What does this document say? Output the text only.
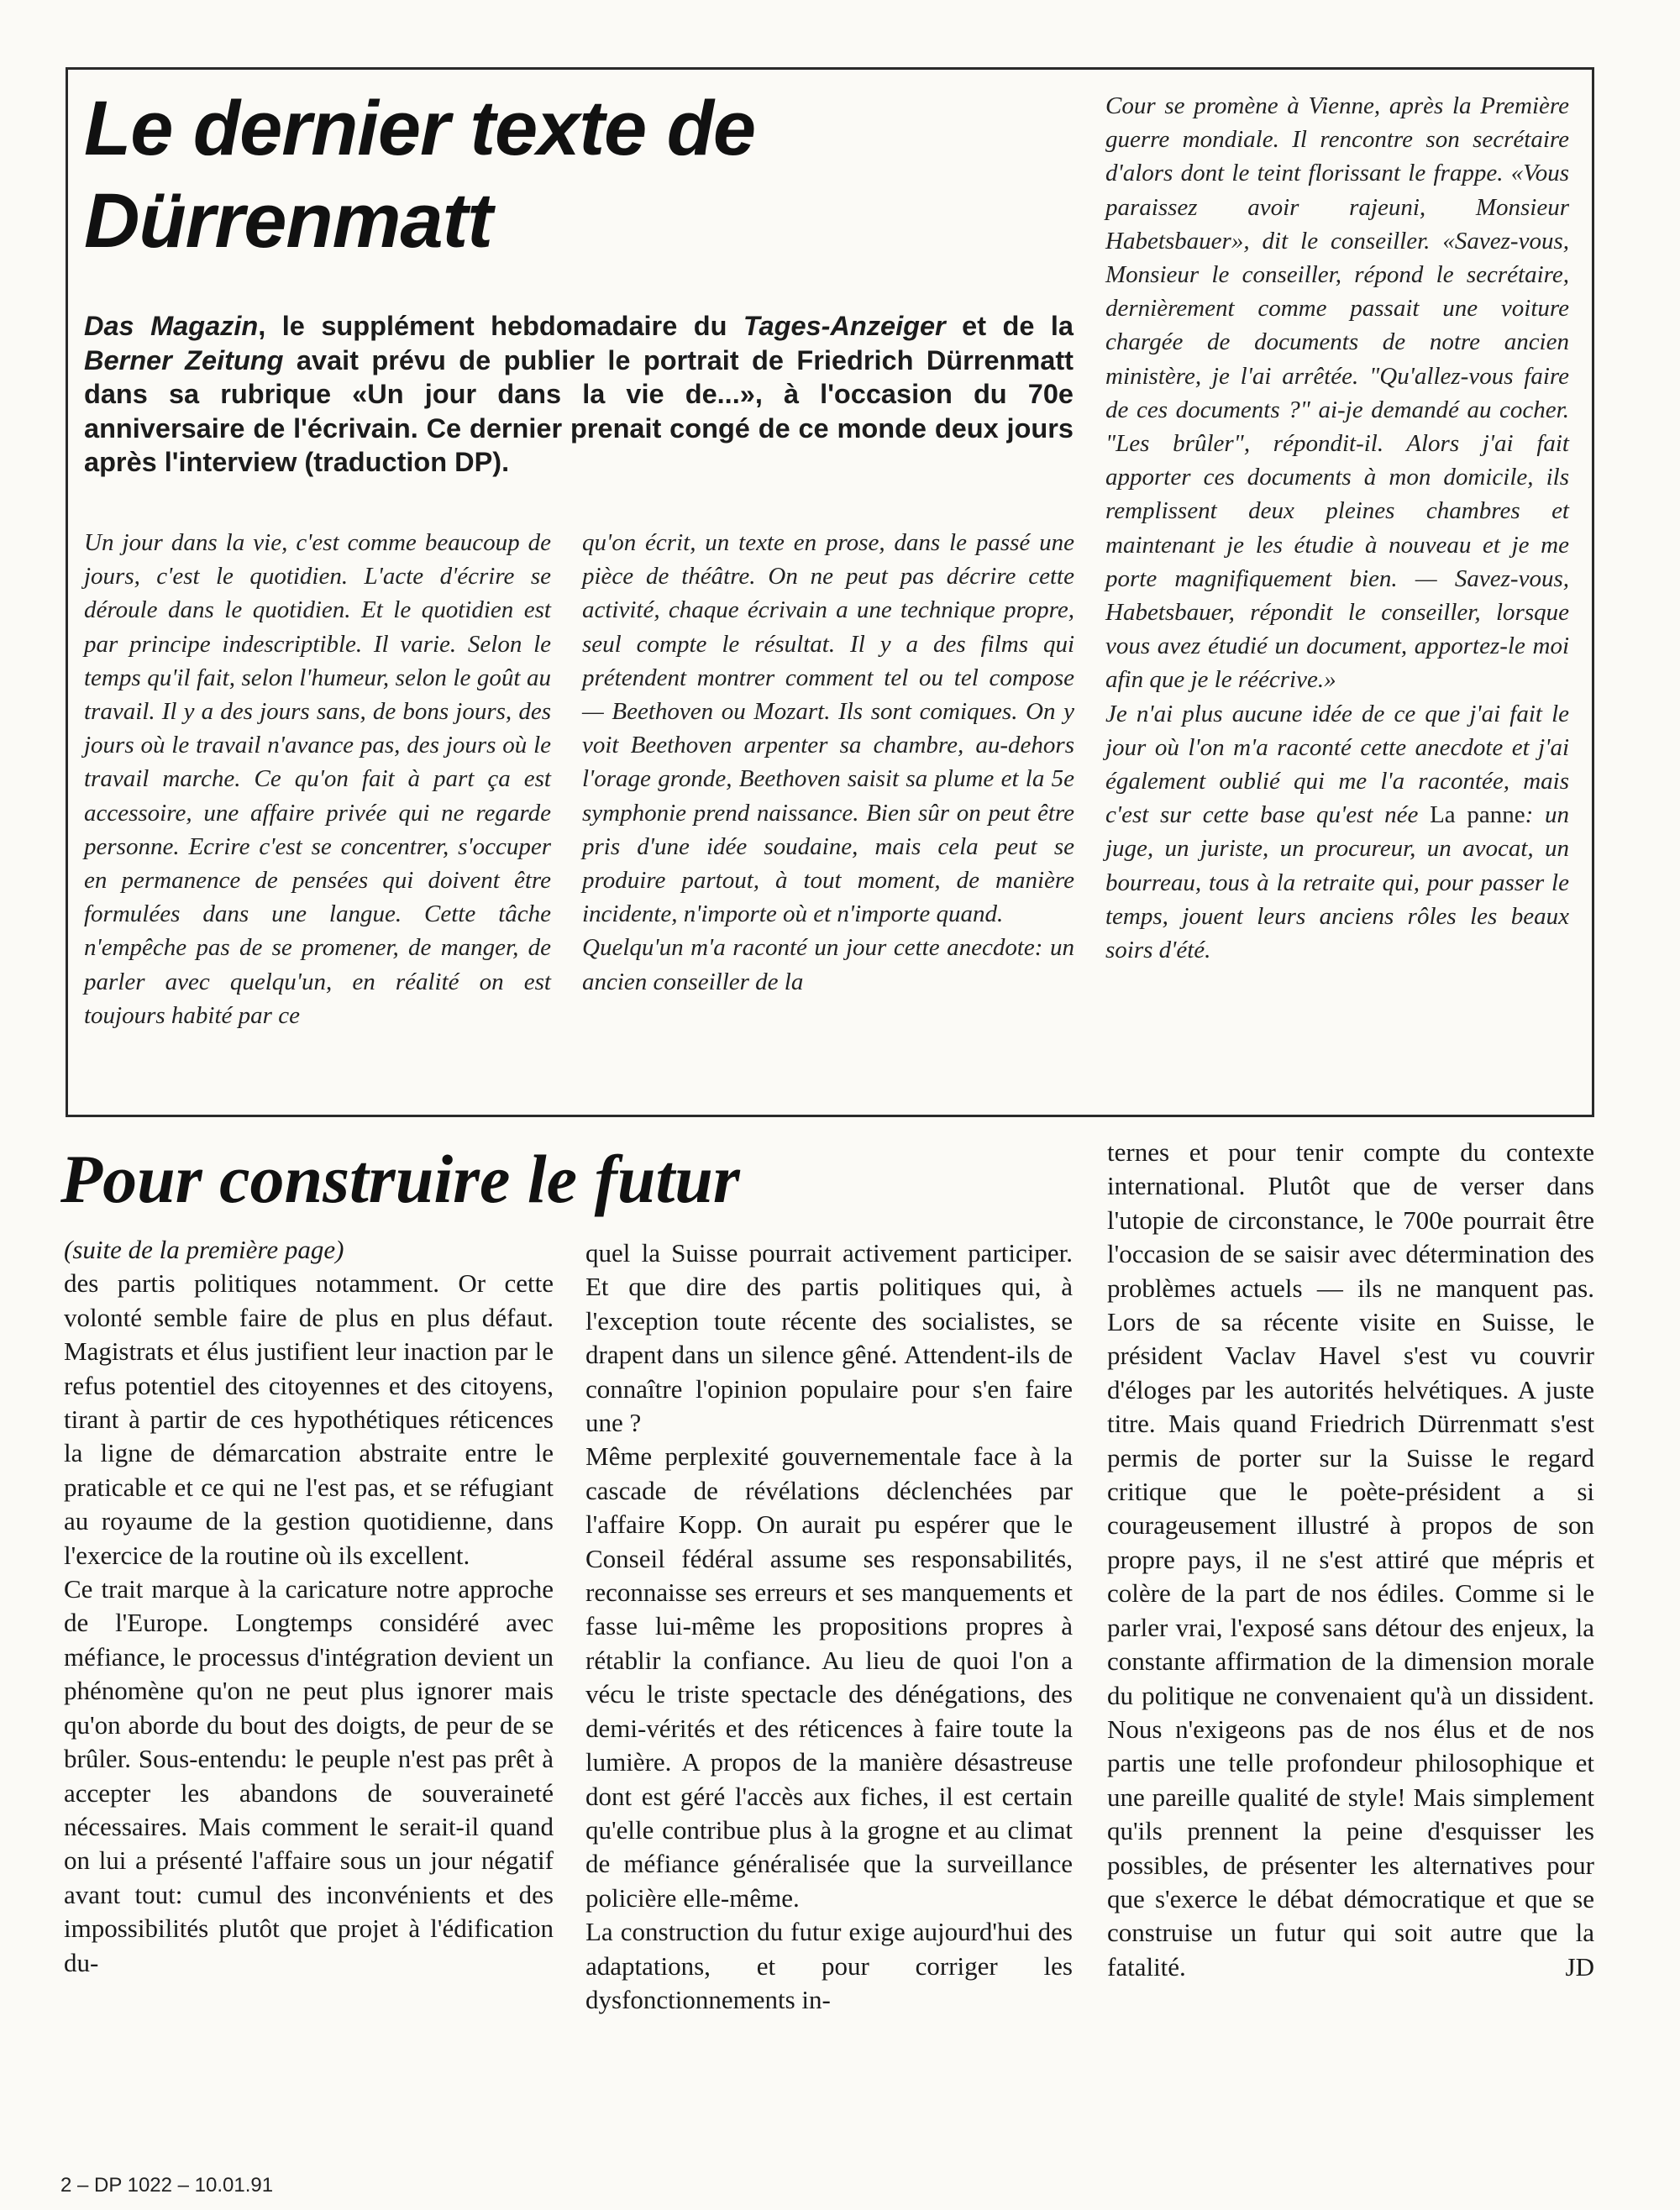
Le dernier texte de
Dürrenmatt

Das Magazin, le supplément hebdomadaire du Tages-Anzeiger et de la Berner Zeitung avait prévu de publier le portrait de Friedrich Dürrenmatt dans sa rubrique «Un jour dans la vie de...», à l'occasion du 70e anniversaire de l'écrivain. Ce dernier prenait congé de ce monde deux jours après l'interview (traduction DP).

Un jour dans la vie, c'est comme beaucoup de jours, c'est le quotidien. L'acte d'écrire se déroule dans le quotidien. Et le quotidien est par principe indescriptible. Il varie. Selon le temps qu'il fait, selon l'humeur, selon le goût au travail. Il y a des jours sans, de bons jours, des jours où le travail n'avance pas, des jours où le travail marche. Ce qu'on fait à part ça est accessoire, une affaire privée qui ne regarde personne. Ecrire c'est se concentrer, s'occuper en permanence de pensées qui doivent être formulées dans une langue. Cette tâche n'empêche pas de se promener, de manger, de parler avec quelqu'un, en réalité on est toujours habité par ce

qu'on écrit, un texte en prose, dans le passé une pièce de théâtre. On ne peut pas décrire cette activité, chaque écrivain a une technique propre, seul compte le résultat. Il y a des films qui prétendent montrer comment tel ou tel compose — Beethoven ou Mozart. Ils sont comiques. On y voit Beethoven arpenter sa chambre, au-dehors l'orage gronde, Beethoven saisit sa plume et la 5e symphonie prend naissance. Bien sûr on peut être pris d'une idée soudaine, mais cela peut se produire partout, à tout moment, de manière incidente, n'importe où et n'importe quand.

Quelqu'un m'a raconté un jour cette anecdote: un ancien conseiller de la

Cour se promène à Vienne, après la Première guerre mondiale. Il rencontre son secrétaire d'alors dont le teint florissant le frappe. «Vous paraissez avoir rajeuni, Monsieur Habetsbauer», dit le conseiller. «Savez-vous, Monsieur le conseiller, répond le secrétaire, dernièrement comme passait une voiture chargée de documents de notre ancien ministère, je l'ai arrêtée. "Qu'allez-vous faire de ces documents ?" ai-je demandé au cocher. "Les brûler", répondit-il. Alors j'ai fait apporter ces documents à mon domicile, ils remplissent deux pleines chambres et maintenant je les étudie à nouveau et je me porte magnifiquement bien. — Savez-vous, Habetsbauer, répondit le conseiller, lorsque vous avez étudié un document, apportez-le moi afin que je le réécrive.»

Je n'ai plus aucune idée de ce que j'ai fait le jour où l'on m'a raconté cette anecdote et j'ai également oublié qui me l'a racontée, mais c'est sur cette base qu'est née La panne: un juge, un juriste, un procureur, un avocat, un bourreau, tous à la retraite qui, pour passer le temps, jouent leurs anciens rôles les beaux soirs d'été.

Pour construire le futur

(suite de la première page)

des partis politiques notamment. Or cette volonté semble faire de plus en plus défaut. Magistrats et élus justifient leur inaction par le refus potentiel des citoyennes et des citoyens, tirant à partir de ces hypothétiques réticences la ligne de démarcation abstraite entre le praticable et ce qui ne l'est pas, et se réfugiant au royaume de la gestion quotidienne, dans l'exercice de la routine où ils excellent.

Ce trait marque à la caricature notre approche de l'Europe. Longtemps considéré avec méfiance, le processus d'intégration devient un phénomène qu'on ne peut plus ignorer mais qu'on aborde du bout des doigts, de peur de se brûler. Sous-entendu: le peuple n'est pas prêt à accepter les abandons de souveraineté nécessaires. Mais comment le serait-il quand on lui a présenté l'affaire sous un jour négatif avant tout: cumul des inconvénients et des impossibilités plutôt que projet à l'édification du-

quel la Suisse pourrait activement participer. Et que dire des partis politiques qui, à l'exception toute récente des socialistes, se drapent dans un silence gêné. Attendent-ils de connaître l'opinion populaire pour s'en faire une ?

Même perplexité gouvernementale face à la cascade de révélations déclenchées par l'affaire Kopp. On aurait pu espérer que le Conseil fédéral assume ses responsabilités, reconnaisse ses erreurs et ses manquements et fasse lui-même les propositions propres à rétablir la confiance. Au lieu de quoi l'on a vécu le triste spectacle des dénégations, des demi-vérités et des réticences à faire toute la lumière. A propos de la manière désastreuse dont est géré l'accès aux fiches, il est certain qu'elle contribue plus à la grogne et au climat de méfiance généralisée que la surveillance policière elle-même.

La construction du futur exige aujourd'hui des adaptations, et pour corriger les dysfonctionnements in-

ternes et pour tenir compte du contexte international. Plutôt que de verser dans l'utopie de circonstance, le 700e pourrait être l'occasion de se saisir avec détermination des problèmes actuels — ils ne manquent pas. Lors de sa récente visite en Suisse, le président Vaclav Havel s'est vu couvrir d'éloges par les autorités helvétiques. A juste titre. Mais quand Friedrich Dürrenmatt s'est permis de porter sur la Suisse le regard critique que le poète-président a si courageusement illustré à propos de son propre pays, il ne s'est attiré que mépris et colère de la part de nos édiles. Comme si le parler vrai, l'exposé sans détour des enjeux, la constante affirmation de la dimension morale du politique ne convenaient qu'à un dissident. Nous n'exigeons pas de nos élus et de nos partis une telle profondeur philosophique et une pareille qualité de style! Mais simplement qu'ils prennent la peine d'esquisser les possibles, de présenter les alternatives pour que s'exerce le débat démocratique et que se construise un futur qui soit autre que la fatalité.	JD

2 – DP 1022 – 10.01.91
